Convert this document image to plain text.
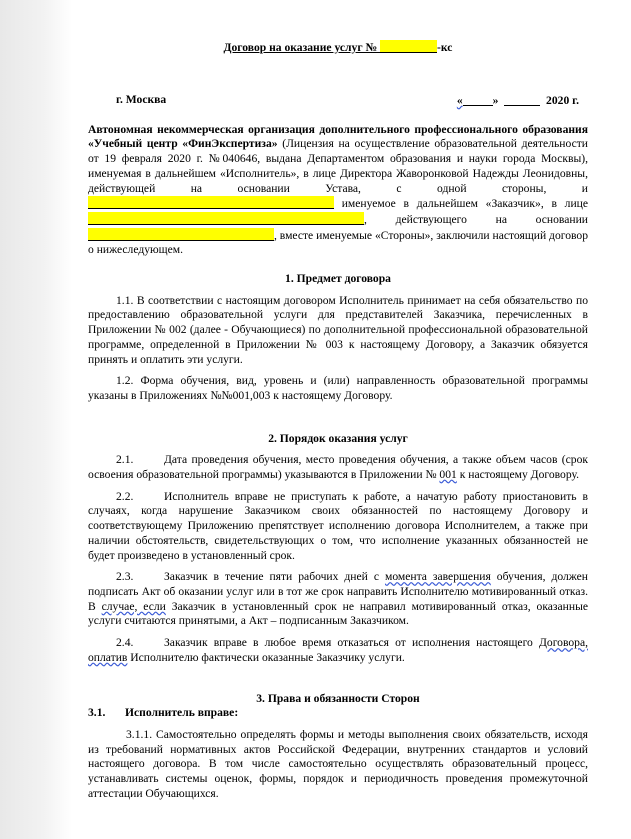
Договор на оказание услуг №	-кс
г. Москва	«	»	2020 г.

Автономная некоммерческая организация дополнительного профессионального образования «Учебный центр «ФинЭкспертиза» (Лицензия на осуществление образовательной деятельности от 19 февраля 2020 г. №040646, выдана Департаментом образования и науки города Москвы), именуемая в дальнейшем «Исполнитель», в лице Директора Жаворонковой Надежды Леонидовны, действующей на основании Устава, с одной стороны, и  именуемое в дальнейшем «Заказчик», в лице , действующего на основании , вместе именуемые «Стороны», заключили настоящий договор о нижеследующем.

1. Предмет договора

1.1. В соответствии с настоящим договором Исполнитель принимает на себя обязательство по предоставлению образовательной услуги для представителей Заказчика, перечисленных в Приложении № 002 (далее - Обучающиеся) по дополнительной профессиональной образовательной программе, определенной в Приложении № 003 к настоящему Договору, а Заказчик обязуется принять и оплатить эти услуги.

1.2. Форма обучения, вид, уровень и (или) направленность образовательной программы указаны в Приложениях №№001,003 к настоящему Договору.

2. Порядок оказания услуг

2.1.	Дата проведения обучения, место проведения обучения, а также объем часов (срок освоения образовательной программы) указываются в Приложении № 001 к настоящему Договору.

2.2.	Исполнитель вправе не приступать к работе, а начатую работу приостановить в случаях, когда нарушение Заказчиком своих обязанностей по настоящему Договору и соответствующему Приложению препятствует исполнению договора Исполнителем, а также при наличии обстоятельств, свидетельствующих о том, что исполнение указанных обязанностей не будет произведено в установленный срок.

2.3.	Заказчик в течение пяти рабочих дней с момента завершения обучения, должен подписать Акт об оказании услуг или в тот же срок направить Исполнителю мотивированный отказ. В случае, если Заказчик в установленный срок не направил мотивированный отказ, оказанные услуги считаются принятыми, а Акт – подписанным Заказчиком.

2.4.	Заказчик вправе в любое время отказаться от исполнения настоящего Договора, оплатив Исполнителю фактически оказанные Заказчику услуги.

3. Права и обязанности Сторон
3.1. Исполнитель вправе:

3.1.1. Самостоятельно определять формы и методы выполнения своих обязательств, исходя из требований нормативных актов Российской Федерации, внутренних стандартов и условий настоящего договора. В том числе самостоятельно осуществлять образовательный процесс, устанавливать системы оценок, формы, порядок и периодичность проведения промежуточной аттестации Обучающихся.
